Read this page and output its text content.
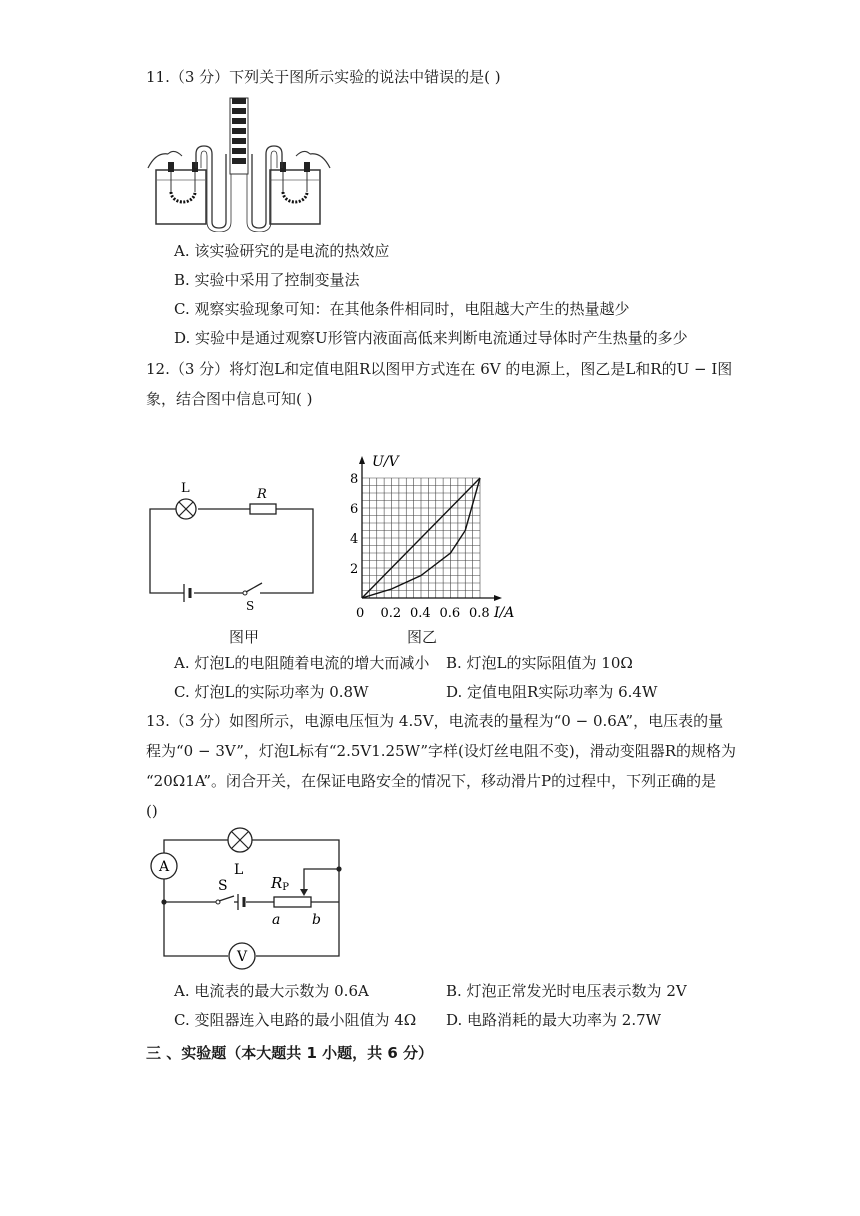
11.（3 分）下列关于图所示实验的说法中错误的是( )
A. 该实验研究的是电流的热效应
B. 实验中采用了控制变量法
C. 观察实验现象可知：在其他条件相同时，电阻越大产生的热量越少
D. 实验中是通过观察U形管内液面高低来判断电流通过导体时产生热量的多少
12.（3 分）将灯泡L和定值电阻R以图甲方式连在 6V 的电源上，图乙是L和R的U − I图
象，结合图中信息可知( )
L	R
S
U/V
I/A
0
2
4
6
8
0.2 0.4 0.6 0.8
图甲	图乙
A. 灯泡L的电阻随着电流的增大而减小 B. 灯泡L的实际阻值为 10Ω
C. 灯泡L的实际功率为 0.8W	D. 定值电阻R实际功率为 6.4W
13.（3 分）如图所示，电源电压恒为 4.5V，电流表的量程为“0 − 0.6A”，电压表的量
程为“0 − 3V”，灯泡L标有“2.5V1.25W”字样(设灯丝电阻不变)，滑动变阻器R的规格为
“20Ω1A”。闭合开关，在保证电路安全的情况下，移动滑片P的过程中，下列正确的是
()
A
V
L
S	RP
a b
A. 电流表的最大示数为 0.6A	B. 灯泡正常发光时电压表示数为 2V
C. 变阻器连入电路的最小阻值为 4Ω D. 电路消耗的最大功率为 2.7W
三 、实验题（本大题共 1 小题，共 6 分）
